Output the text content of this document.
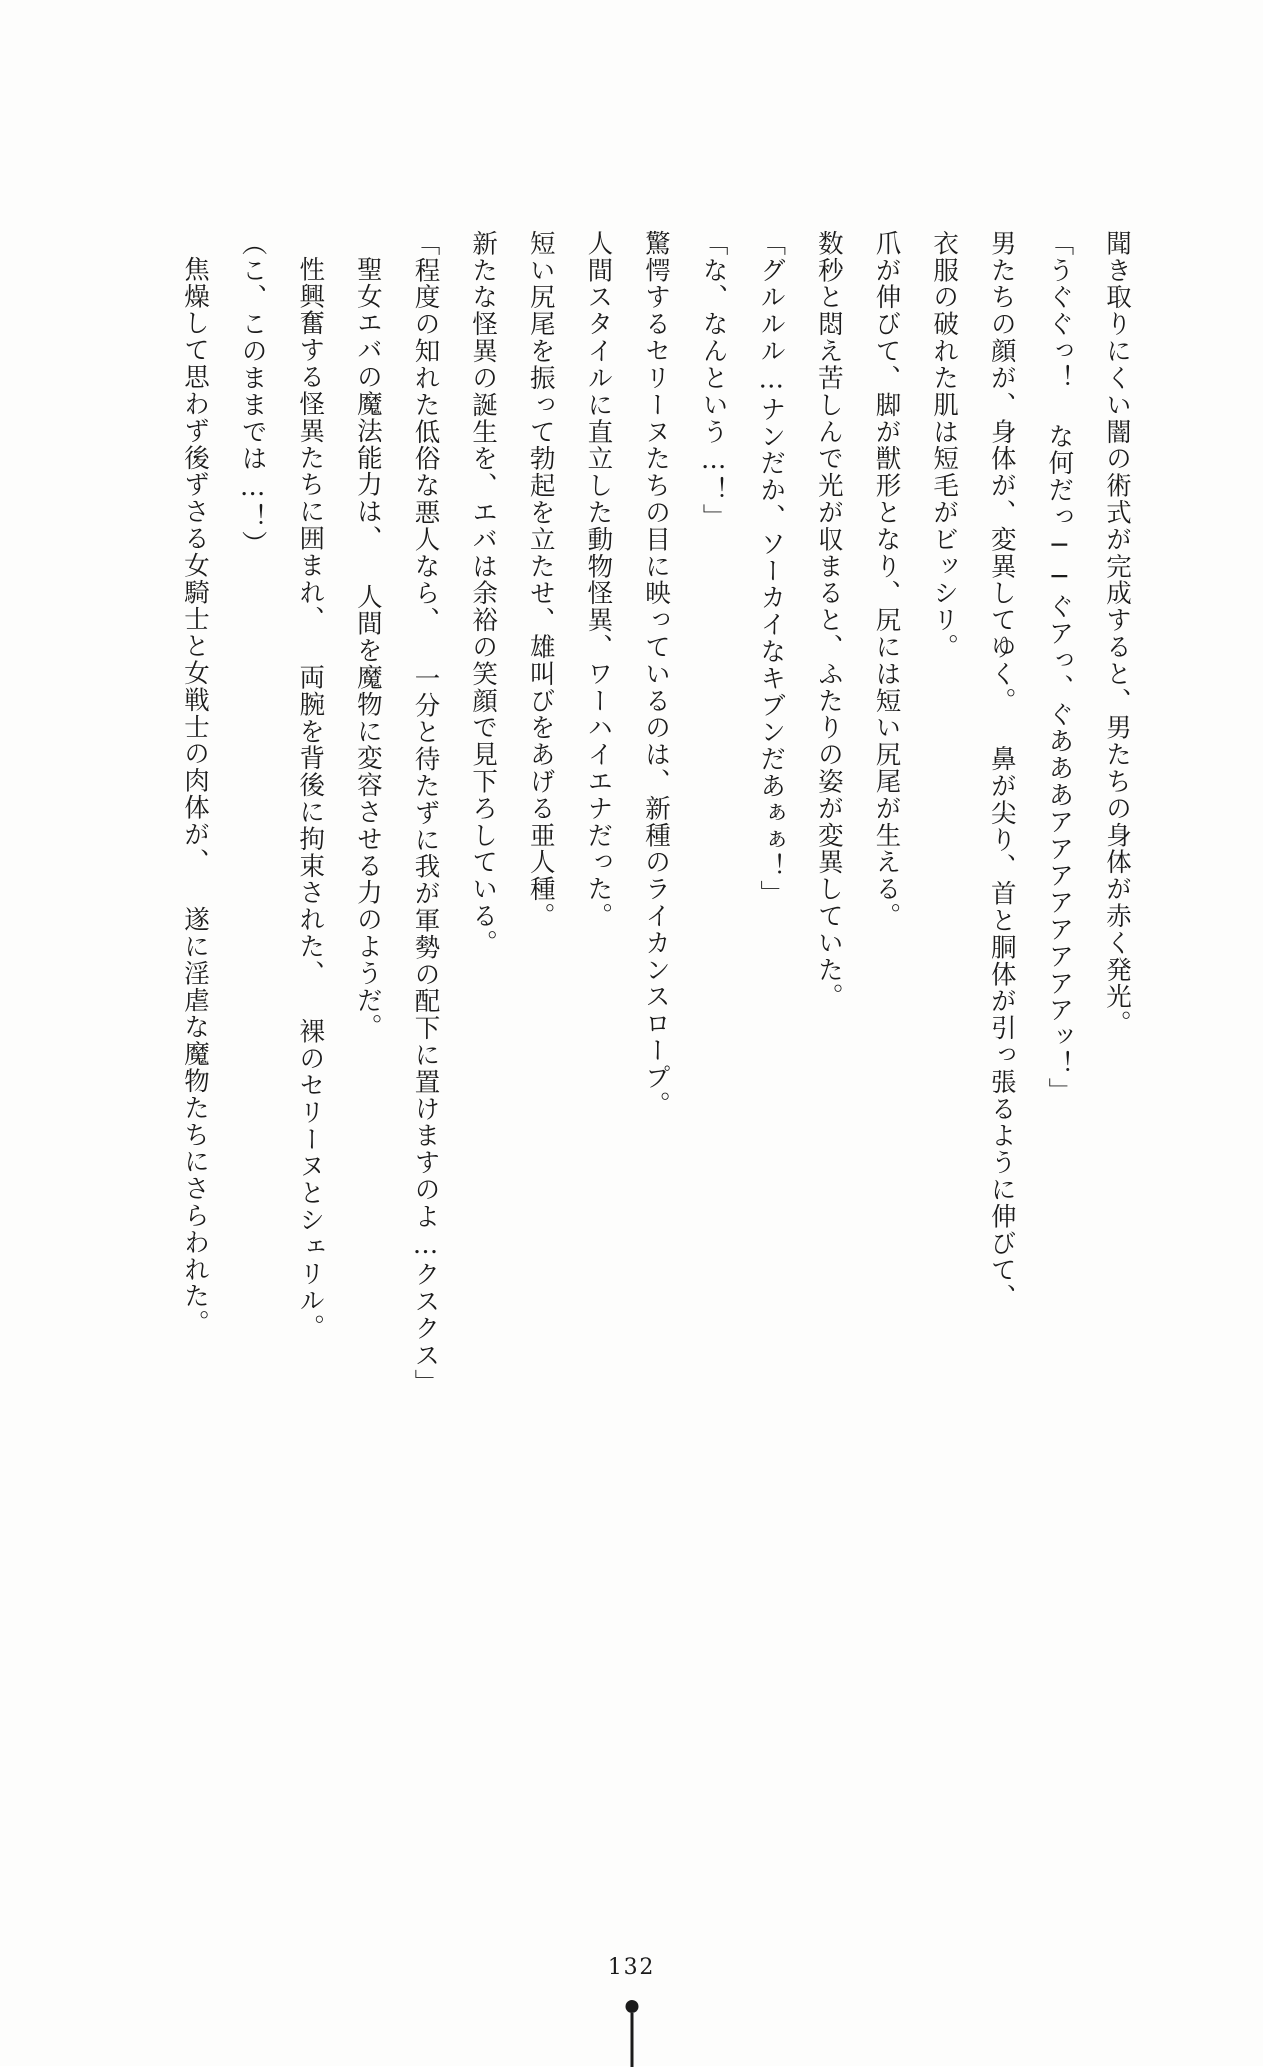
聞き取りにくい闇の術式が完成すると、男たちの身体が赤く発光。

「うぐぐっ！ な何だっ──ぐアっ、ぐあああアアアアアアアアッ！」

男たちの顔が、身体が、変異してゆく。 鼻が尖り、首と胴体が引っ張るように伸びて、

衣服の破れた肌は短毛がビッシリ。

爪が伸びて、脚が獣形となり、尻には短い尻尾が生える。

数秒と悶え苦しんで光が収まると、ふたりの姿が変異していた。

「グルルル…ナンだか、ソーカイなキブンだあぁぁ！」

「な、なんという…！」

驚愕するセリーヌたちの目に映っているのは、新種のライカンスロープ。

人間スタイルに直立した動物怪異、ワーハイエナだった。

短い尻尾を振って勃起を立たせ、雄叫びをあげる亜人種。

新たな怪異の誕生を、エバは余裕の笑顔で見下ろしている。

「程度の知れた低俗な悪人なら、 一分と待たずに我が軍勢の配下に置けますのよ…クスクス」

聖女エバの魔法能力は、 人間を魔物に変容させる力のようだ。

性興奮する怪異たちに囲まれ、 両腕を背後に拘束された、 裸のセリーヌとシェリル。

（こ、このままでは…！）

焦燥して思わず後ずさる女騎士と女戦士の肉体が、 遂に淫虐な魔物たちにさらわれた。

132
